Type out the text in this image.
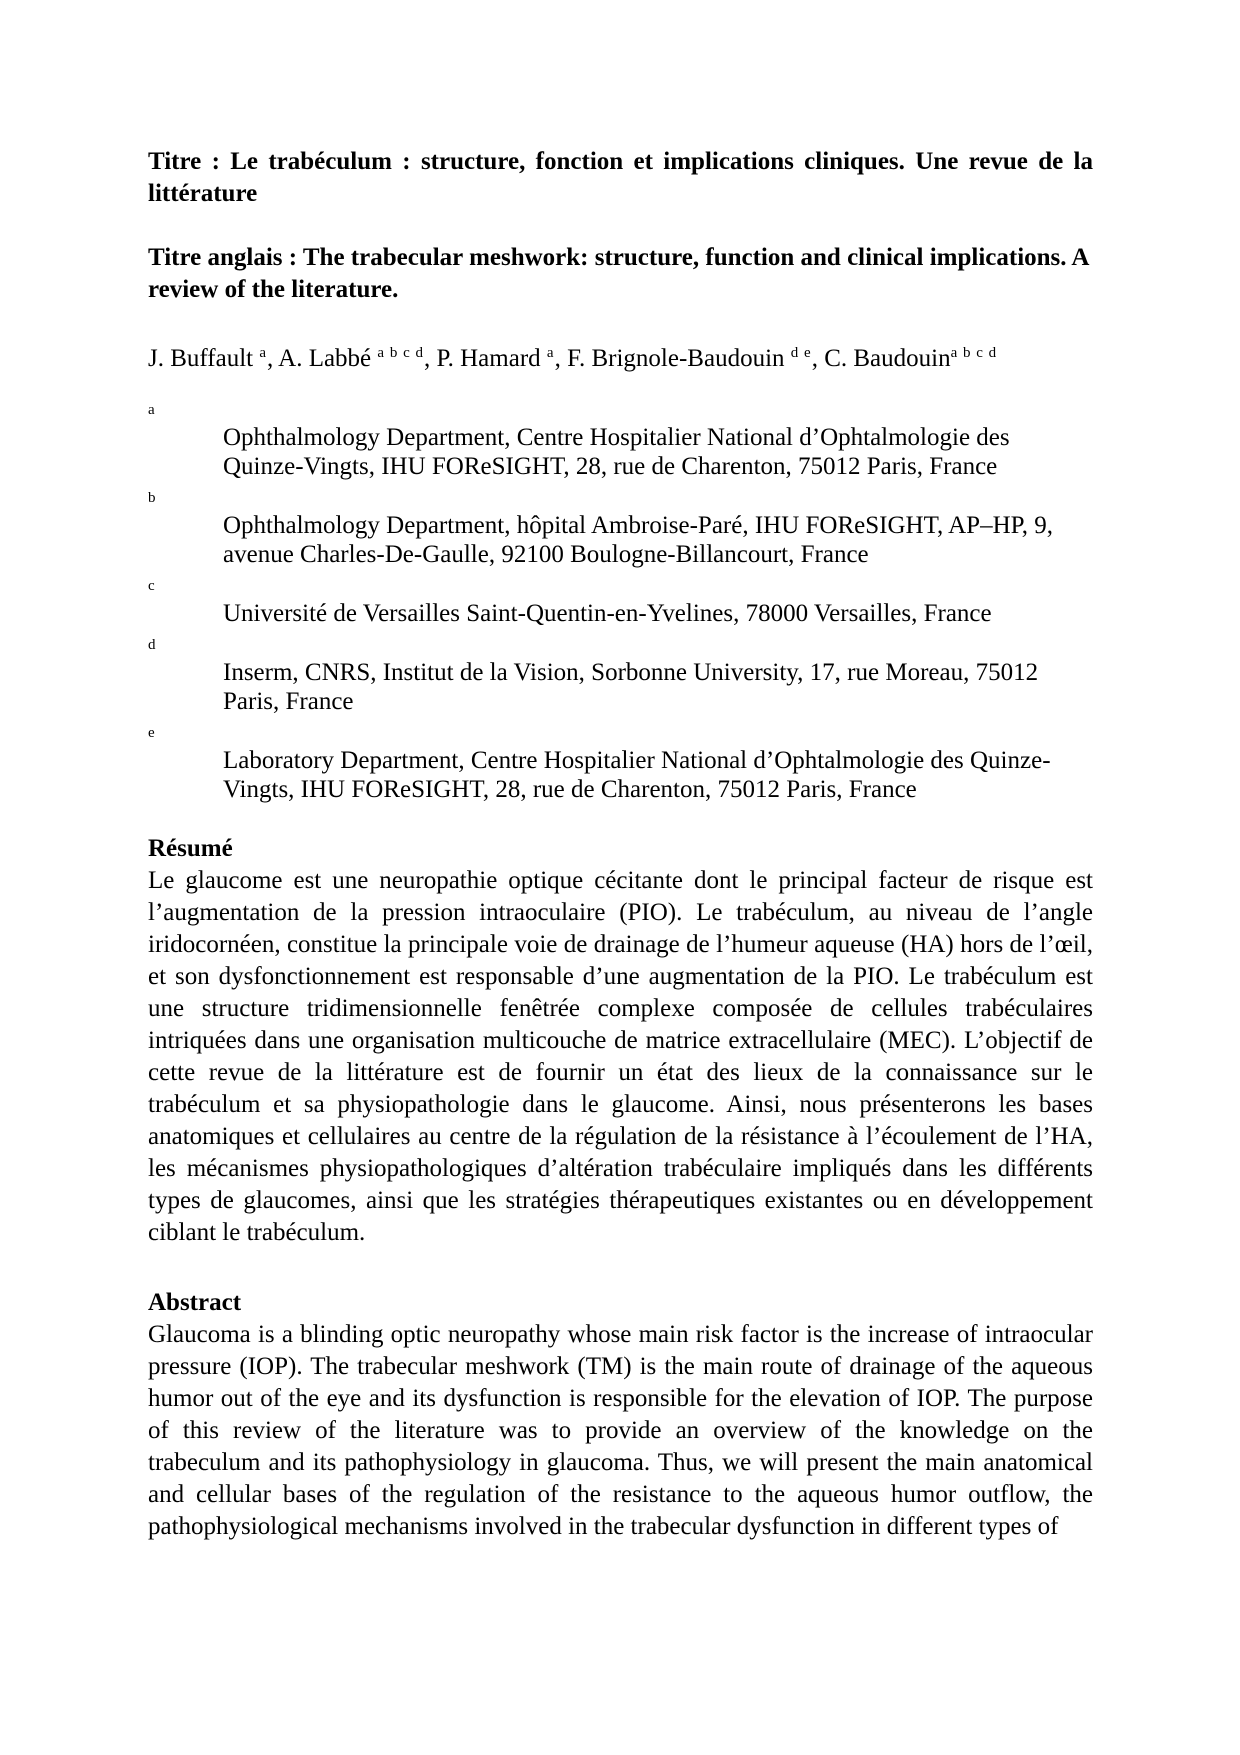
Titre : Le trabéculum : structure, fonction et implications cliniques. Une revue de la littérature

Titre anglais : The trabecular meshwork: structure, function and clinical implications. A review of the literature.

J. Buffault $^a$, A. Labbé $^{a b c d}$, P. Hamard $^a$, F. Brignole-Baudouin $^{d e}$, C. Baudouin$^{a b c d}$

a

Ophthalmology Department, Centre Hospitalier National d’Ophtalmologie des Quinze-Vingts, IHU FOReSIGHT, 28, rue de Charenton, 75012 Paris, France

b

Ophthalmology Department, hôpital Ambroise-Paré, IHU FOReSIGHT, AP–HP, 9, avenue Charles-De-Gaulle, 92100 Boulogne-Billancourt, France

c

Université de Versailles Saint-Quentin-en-Yvelines, 78000 Versailles, France

d

Inserm, CNRS, Institut de la Vision, Sorbonne University, 17, rue Moreau, 75012 Paris, France

e

Laboratory Department, Centre Hospitalier National d’Ophtalmologie des Quinze-Vingts, IHU FOReSIGHT, 28, rue de Charenton, 75012 Paris, France

Résumé

Le glaucome est une neuropathie optique cécitante dont le principal facteur de risque est l’augmentation de la pression intraoculaire (PIO). Le trabéculum, au niveau de l’angle iridocornéen, constitue la principale voie de drainage de l’humeur aqueuse (HA) hors de l’œil, et son dysfonctionnement est responsable d’une augmentation de la PIO. Le trabéculum est une structure tridimensionnelle fenêtrée complexe composée de cellules trabéculaires intriquées dans une organisation multicouche de matrice extracellulaire (MEC). L’objectif de cette revue de la littérature est de fournir un état des lieux de la connaissance sur le trabéculum et sa physiopathologie dans le glaucome. Ainsi, nous présenterons les bases anatomiques et cellulaires au centre de la régulation de la résistance à l’écoulement de l’HA, les mécanismes physiopathologiques d’altération trabéculaire impliqués dans les différents types de glaucomes, ainsi que les stratégies thérapeutiques existantes ou en développement ciblant le trabéculum.

Abstract

Glaucoma is a blinding optic neuropathy whose main risk factor is the increase of intraocular pressure (IOP). The trabecular meshwork (TM) is the main route of drainage of the aqueous humor out of the eye and its dysfunction is responsible for the elevation of IOP. The purpose of this review of the literature was to provide an overview of the knowledge on the trabeculum and its pathophysiology in glaucoma. Thus, we will present the main anatomical and cellular bases of the regulation of the resistance to the aqueous humor outflow, the pathophysiological mechanisms involved in the trabecular dysfunction in different types of
